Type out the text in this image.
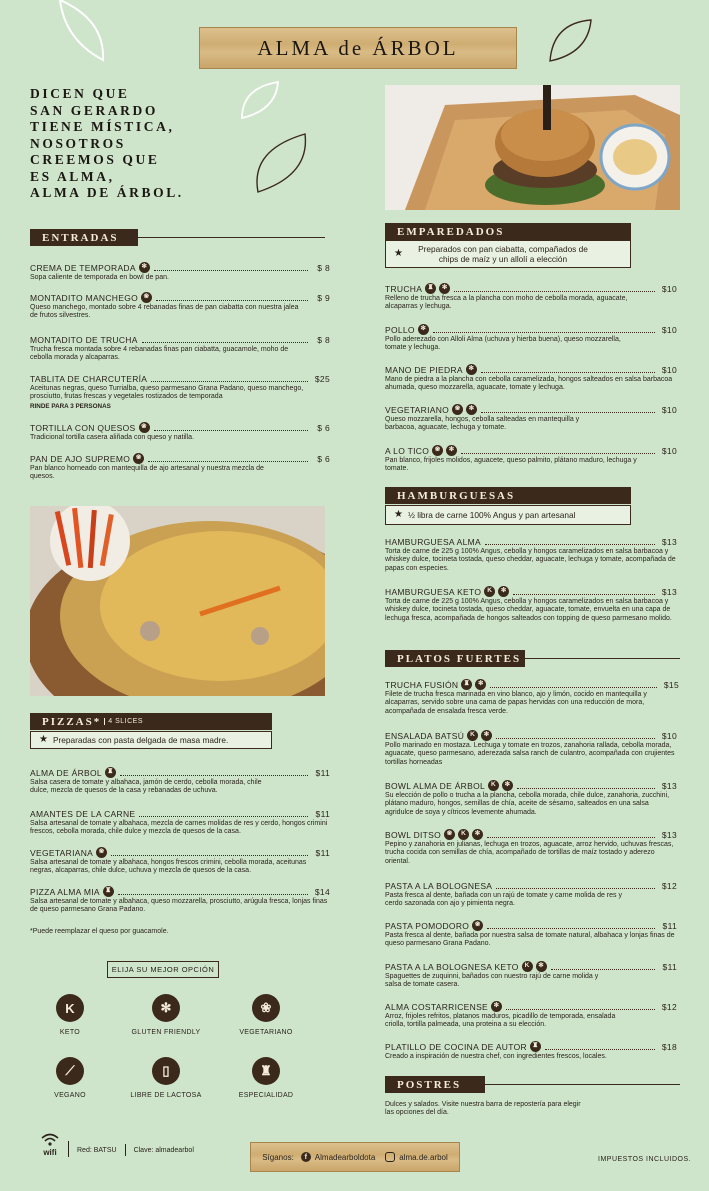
ALMA de ÁRBOL
DICEN QUE
SAN GERARDO
TIENE MÍSTICA,
NOSOTROS
CREEMOS QUE
ES ALMA,
ALMA DE ÁRBOL.
ENTRADAS
CREMA DE TEMPORADA ✻	$ 8
Sopa caliente de temporada en bowl de pan.
MONTADITO MANCHEGO ❀	$ 9
Queso manchego, montado sobre 4 rebanadas finas de pan ciabatta con nuestra jalea de frutos silvestres.
MONTADITO DE TRUCHA	$ 8
Trucha fresca montada sobre 4 rebanadas finas pan ciabatta, guacamole, moho de cebolla morada y alcaparras.
TABLITA DE CHARCUTERÍA	$25
Aceitunas negras, queso Turrialba, queso parmesano Grana Padano, queso manchego, prosciutto, frutas frescas y vegetales rostizados de temporada
RINDE PARA 3 PERSONAS
TORTILLA CON QUESOS ❀	$ 6
Tradicional tortilla casera aliñada con queso y natilla.
PAN DE AJO SUPREMO ❀	$ 6
Pan blanco horneado con mantequilla de ajo artesanal y nuestra mezcla de quesos.
PIZZAS*	4 SLICES
★ Preparadas con pasta delgada de masa madre.
ALMA DE ÁRBOL ♜	$11
Salsa casera de tomate y albahaca, jamón de cerdo, cebolla morada, chile dulce, mezcla de quesos de la casa y rebanadas de uchuva.
AMANTES DE LA CARNE	$11
Salsa artesanal de tomate y albahaca, mezcla de carnes molidas de res y cerdo, hongos crimini frescos, cebolla morada, chile dulce y mezcla de quesos de la casa.
VEGETARIANA ❀	$11
Salsa artesanal de tomate y albahaca, hongos frescos crimini, cebolla morada, aceitunas negras, alcaparras, chile dulce, uchuva y mezcla de quesos de la casa.
PIZZA ALMA MIA ♜	$14
Salsa artesanal de tomate y albahaca, queso mozzarella, prosciutto, arúgula fresca, lonjas finas de queso parmesano Grana Padano.
*Puede reemplazar el queso por guacamole.
ELIJA SU MEJOR OPCIÓN
K
KETO
✻
GLUTEN FRIENDLY
❀
VEGETARIANO
⟋
VEGANO
▯
LIBRE DE LACTOSA
♜
ESPECIALIDAD
EMPAREDADOS
★	Preparados con pan ciabatta, compañados de chips de maíz y un allolí a elección
TRUCHA ♜	✻	$10
Relleno de trucha fresca a la plancha con moho de cebolla morada, aguacate, alcaparras y lechuga.
POLLO ✻	$10
Pollo aderezado con Alloli Alma (uchuva y hierba buena), queso mozzarella, tomate y lechuga.
MANO DE PIEDRA ✻	$10
Mano de piedra a la plancha con cebolla caramelizada, hongos salteados en salsa barbacoa ahumada, queso mozzarella, aguacate, tomate y lechuga.
VEGETARIANO ❀	✻	$10
Queso mozzarella, hongos, cebolla salteadas en mantequilla y barbacoa, aguacate, lechuga y tomate.
A LO TICO ❀	✻	$10
Pan blanco, frijoles molidos, aguacete, queso palmito, plátano maduro, lechuga y tomate.
HAMBURGUESAS
★ ½ libra de carne 100% Angus y pan artesanal
HAMBURGUESA ALMA	$13
Torta de carne de 225 g 100% Angus, cebolla y hongos caramelizados en salsa barbacoa y whiskey dulce, tocineta tostada, queso cheddar, aguacate, lechuga y tomate, acompañada de papas con especies.
HAMBURGUESA KETO K	✻	$13
Torta de carne de 225 g 100% Angus, cebolla y hongos caramelizados en salsa barbacoa y whiskey dulce, tocineta tostada, queso cheddar, aguacate, tomate, envuelta en una capa de lechuga fresca, acompañada de hongos salteados con topping de queso parmesano molido.
PLATOS FUERTES
TRUCHA FUSIÓN ♜	✻	$15
Filete de trucha fresca marinada en vino blanco, ajo y limón, cocido en mantequilla y alcaparras, servido sobre una cama de papas hervidas con una reducción de mora, acompañada de ensalada fresca verde.
ENSALADA BATSÚ K	✻	$10
Pollo marinado en mostaza. Lechuga y tomate en trozos, zanahoria rallada, cebolla morada, aguacate, queso parmesano, aderezada salsa ranch de culantro, acompañada con crujientes tortillas horneadas
BOWL ALMA DE ÁRBOL K	✻	$13
Su elección de pollo o trucha a la plancha, cebolla morada, chile dulce, zanahoria, zucchini, plátano maduro, hongos, semillas de chía, aceite de sésamo, salteados en una salsa agridulce de soya y cítricos levemente ahumada.
BOWL DITSO ❀	K	✻	$13
Pepino y zanahoria en julianas, lechuga en trozos, aguacate, arroz hervido, uchuvas frescas, trucha cocida con semillas de chía, acompañado de tortillas de maíz tostado y aderezo oriental.
PASTA A LA BOLOGNESA	$12
Pasta fresca al dente, bañada con un rajú de tomate y carne molida de res y cerdo sazonada con ajo y pimienta negra.
PASTA POMODORO ❀	$11
Pasta fresca al dente, bañada por nuestra salsa de tomate natural, albahaca y lonjas finas de queso parmesano Grana Padano.
PASTA A LA BOLOGNESA KETO K	✻	$11
Spaguettes de zuquinni, bañados con nuestro rajú de carne molida y salsa de tomate casera.
ALMA COSTARRICENSE ✻	$12
Arroz, frijoles refritos, platanos maduros, picadillo de temporada, ensalada criolla, tortilla palmeada, una proteina a su elección.
PLATILLO DE COCINA DE AUTOR ♜	$18
Creado a inspiración de nuestra chef, con ingredientes frescos, locales.
POSTRES
Dulces y salados. Visite nuestra barra de repostería para elegir las opciones del día.
wifi	Red: BATSU Clave: almadearbol
Síganos:	f Almadearboldota	alma.de.arbol	IMPUESTOS INCLUIDOS.
